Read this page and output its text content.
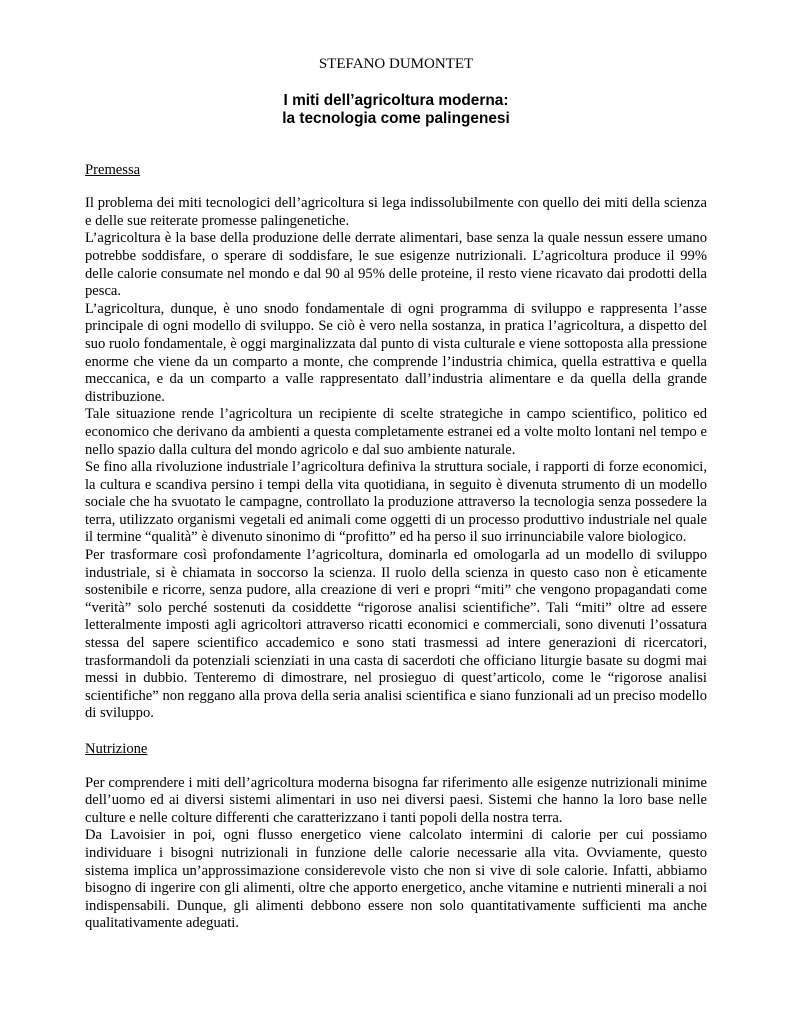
STEFANO DUMONTET
I miti dell’agricoltura moderna:
la tecnologia come palingenesi
Premessa

Il problema dei miti tecnologici dell’agricoltura si lega indissolubilmente con quello dei miti della scienza e delle sue reiterate promesse palingenetiche.

L’agricoltura è la base della produzione delle derrate alimentari, base senza la quale nessun essere umano potrebbe soddisfare, o sperare di soddisfare, le sue esigenze nutrizionali. L’agricoltura produce il 99% delle calorie consumate nel mondo e dal 90 al 95% delle proteine, il resto viene ricavato dai prodotti della pesca.

L’agricoltura, dunque, è uno snodo fondamentale di ogni programma di sviluppo e rappresenta l’asse principale di ogni modello di sviluppo. Se ciò è vero nella sostanza, in pratica l’agricoltura, a dispetto del suo ruolo fondamentale, è oggi marginalizzata dal punto di vista culturale e viene sottoposta alla pressione enorme che viene da un comparto a monte, che comprende l’industria chimica, quella estrattiva e quella meccanica, e da un comparto a valle rappresentato dall’industria alimentare e da quella della grande distribuzione.

Tale situazione rende l’agricoltura un recipiente di scelte strategiche in campo scientifico, politico ed economico che derivano da ambienti a questa completamente estranei ed a volte molto lontani nel tempo e nello spazio dalla cultura del mondo agricolo e dal suo ambiente naturale.

Se fino alla rivoluzione industriale l’agricoltura definiva la struttura sociale, i rapporti di forze economici, la cultura e scandiva persino i tempi della vita quotidiana, in seguito è divenuta strumento di un modello sociale che ha svuotato le campagne, controllato la produzione attraverso la tecnologia senza possedere la terra, utilizzato organismi vegetali ed animali come oggetti di un processo produttivo industriale nel quale il termine “qualità” è divenuto sinonimo di “profitto” ed ha perso il suo irrinunciabile valore biologico.

Per trasformare così profondamente l’agricoltura, dominarla ed omologarla ad un modello di sviluppo industriale, si è chiamata in soccorso la scienza. Il ruolo della scienza in questo caso non è eticamente sostenibile e ricorre, senza pudore, alla creazione di veri e propri “miti” che vengono propagandati come “verità” solo perché sostenuti da cosiddette “rigorose analisi scientifiche”. Tali “miti” oltre ad essere letteralmente imposti agli agricoltori attraverso ricatti economici e commerciali, sono divenuti l’ossatura stessa del sapere scientifico accademico e sono stati trasmessi ad intere generazioni di ricercatori, trasformandoli da potenziali scienziati in una casta di sacerdoti che officiano liturgie basate su dogmi mai messi in dubbio. Tenteremo di dimostrare, nel prosieguo di quest’articolo, come le “rigorose analisi scientifiche” non reggano alla prova della seria analisi scientifica e siano funzionali ad un preciso modello di sviluppo.

Nutrizione

Per comprendere i miti dell’agricoltura moderna bisogna far riferimento alle esigenze nutrizionali minime dell’uomo ed ai diversi sistemi alimentari in uso nei diversi paesi. Sistemi che hanno la loro base nelle culture e nelle colture differenti che caratterizzano i tanti popoli della nostra terra.

Da Lavoisier in poi, ogni flusso energetico viene calcolato intermini di calorie per cui possiamo individuare i bisogni nutrizionali in funzione delle calorie necessarie alla vita. Ovviamente, questo sistema implica un’approssimazione considerevole visto che non si vive di sole calorie. Infatti, abbiamo bisogno di ingerire con gli alimenti, oltre che apporto energetico, anche vitamine e nutrienti minerali a noi indispensabili. Dunque, gli alimenti debbono essere non solo quantitativamente sufficienti ma anche qualitativamente adeguati.
